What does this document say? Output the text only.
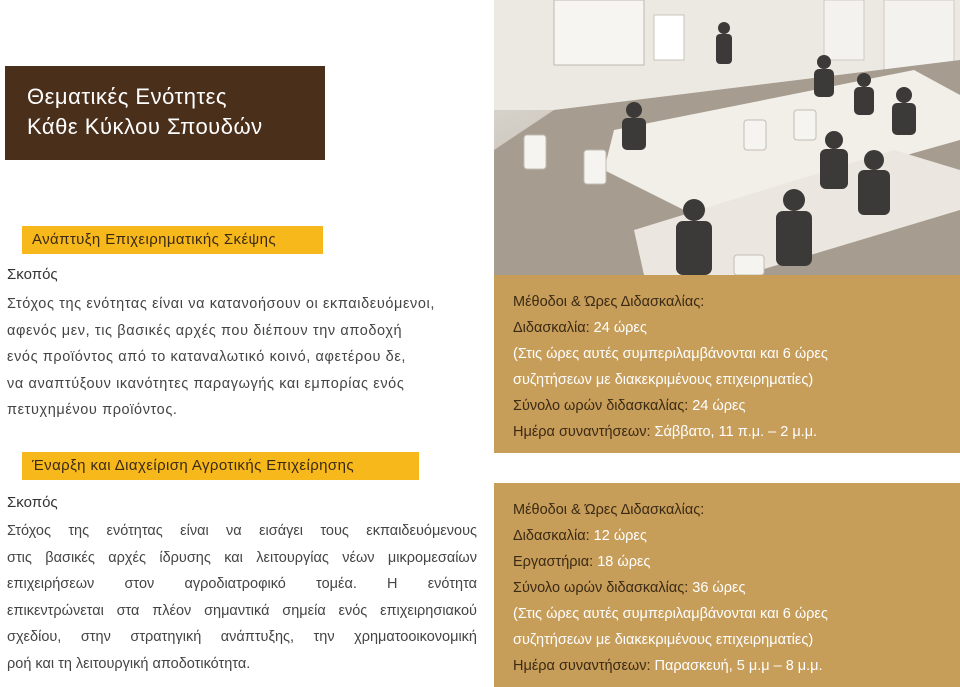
Θεματικές Ενότητες
Κάθε Κύκλου Σπουδών
Ανάπτυξη Επιχειρηματικής Σκέψης
Σκοπός
Στόχος της ενότητας είναι να κατανοήσουν οι εκπαιδευόμενοι,
αφενός μεν, τις βασικές αρχές που διέπουν την αποδοχή
ενός προϊόντος από το καταναλωτικό κοινό, αφετέρου δε,
να αναπτύξουν ικανότητες παραγωγής και εμπορίας ενός
πετυχημένου προϊόντος.
Έναρξη και Διαχείριση Αγροτικής Επιχείρησης
Σκοπός
Στόχος της ενότητας είναι να εισάγει τους εκπαιδευόμενους
στις βασικές αρχές ίδρυσης και λειτουργίας νέων μικρομεσαίων
επιχειρήσεων στον αγροδιατροφικό τομέα. Η ενότητα
επικεντρώνεται στα πλέον σημαντικά σημεία ενός επιχειρησιακού
σχεδίου, στην στρατηγική ανάπτυξης, την χρηματοοικονομική
ροή και τη λειτουργική αποδοτικότητα.
Μέθοδοι & Ώρες Διδασκαλίας:
Διδασκαλία: 24 ώρες
(Στις ώρες αυτές συμπεριλαμβάνονται και 6 ώρες
συζητήσεων με διακεκριμένους επιχειρηματίες)
Σύνολο ωρών διδασκαλίας: 24 ώρες
Ημέρα συναντήσεων: Σάββατο, 11 π.μ. – 2 μ.μ.
Μέθοδοι & Ώρες Διδασκαλίας:
Διδασκαλία: 12 ώρες
Εργαστήρια: 18 ώρες
Σύνολο ωρών διδασκαλίας: 36 ώρες
(Στις ώρες αυτές συμπεριλαμβάνονται και 6 ώρες
συζητήσεων με διακεκριμένους επιχειρηματίες)
Ημέρα συναντήσεων: Παρασκευή, 5 μ.μ – 8 μ.μ.
